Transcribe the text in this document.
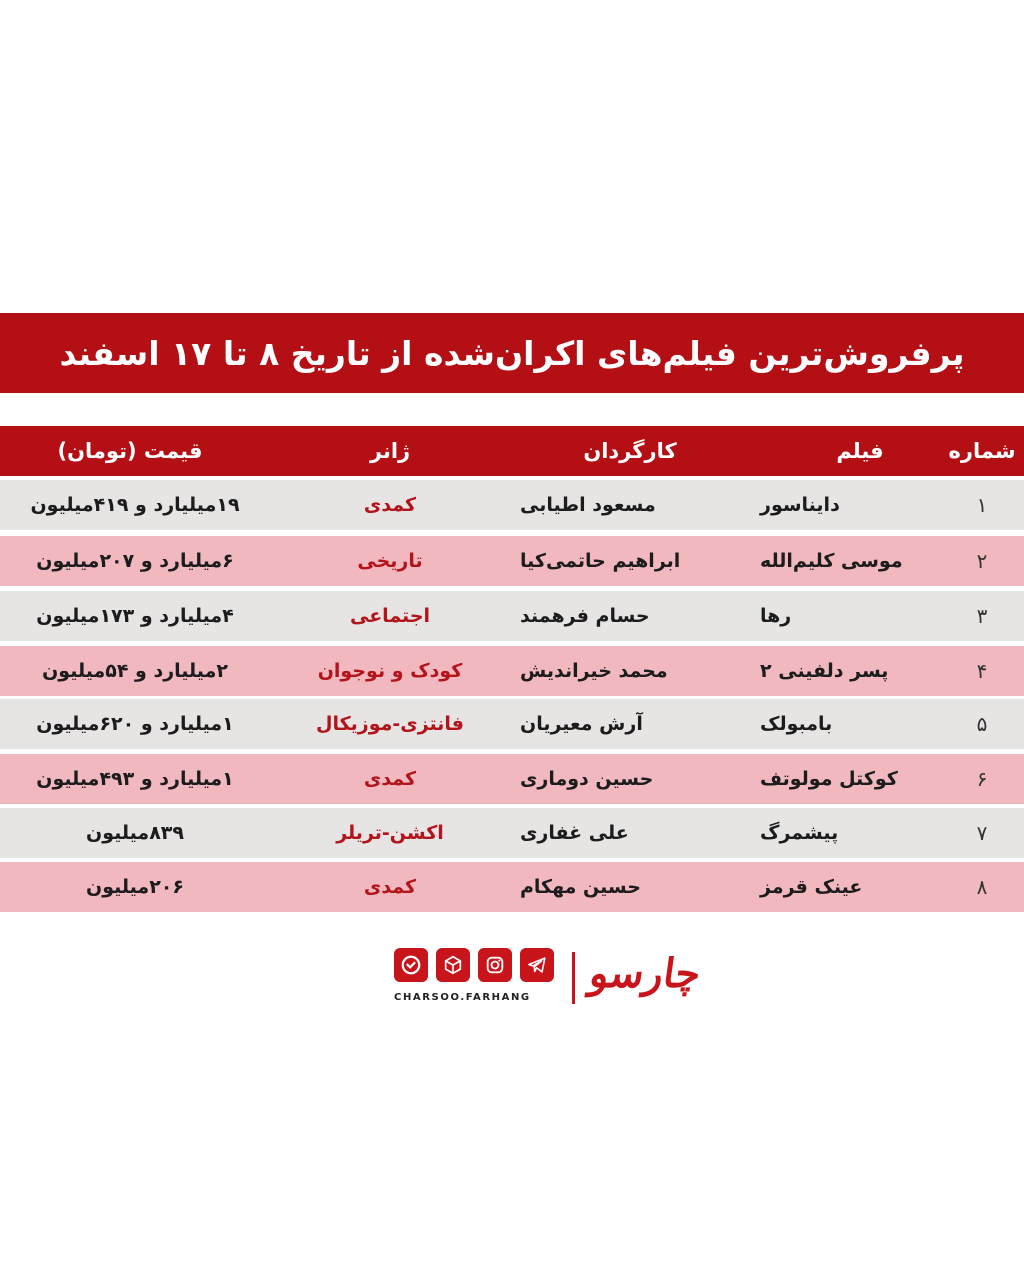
پرفروش‌ترین فیلم‌های اکران‌شده از تاریخ ۸ تا ۱۷ اسفند
شماره
فیلم
کارگردان
ژانر
قیمت (تومان)
۱
دایناسور
مسعود اطیابی
کمدی
۱۹میلیارد و ۴۱۹میلیون
۲
موسی کلیم‌الله
ابراهیم حاتمی‌کیا
تاریخی
۶میلیارد و ۲۰۷میلیون
۳
رها
حسام فرهمند
اجتماعی
۴میلیارد و ۱۷۳میلیون
۴
پسر دلفینی ۲
محمد خیراندیش
کودک و نوجوان
۲میلیارد و ۵۴میلیون
۵
بامبولک
آرش معیریان
فانتزی-موزیکال
۱میلیارد و ۶۲۰میلیون
۶
کوکتل مولوتف
حسین دوماری
کمدی
۱میلیارد و ۴۹۳میلیون
۷
پیشمرگ
علی غفاری
اکشن-تریلر
۸۳۹میلیون
۸
عینک قرمز
حسین مهکام
کمدی
۲۰۶میلیون
CHARSOO.FARHANG
چارسو
